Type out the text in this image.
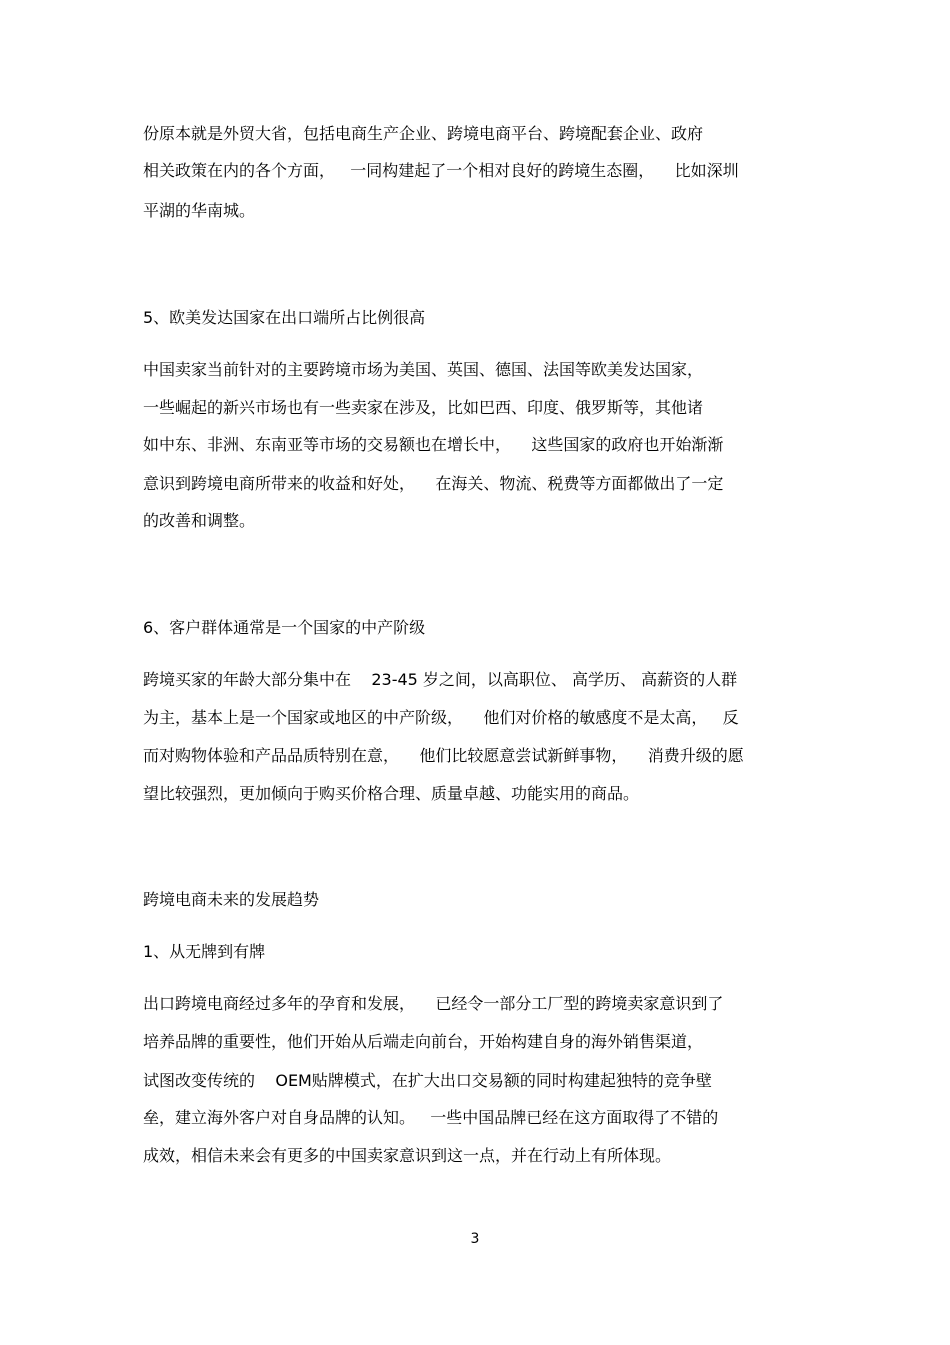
份原本就是外贸大省，包括电商生产企业、跨境电商平台、跨境配套企业、政府
相关政策在内的各个方面，   一同构建起了一个相对良好的跨境生态圈，    比如深圳
平湖的华南城。
5、欧美发达国家在出口端所占比例很高
中国卖家当前针对的主要跨境市场为美国、英国、德国、法国等欧美发达国家，
一些崛起的新兴市场也有一些卖家在涉及，比如巴西、印度、俄罗斯等，其他诸
如中东、非洲、东南亚等市场的交易额也在增长中，    这些国家的政府也开始渐渐
意识到跨境电商所带来的收益和好处，    在海关、物流、税费等方面都做出了一定
的改善和调整。
6、客户群体通常是一个国家的中产阶级
跨境买家的年龄大部分集中在    23-45 岁之间，以高职位、 高学历、 高薪资的人群
为主，基本上是一个国家或地区的中产阶级，    他们对价格的敏感度不是太高，   反
而对购物体验和产品品质特别在意，    他们比较愿意尝试新鲜事物，    消费升级的愿
望比较强烈，更加倾向于购买价格合理、质量卓越、功能实用的商品。
跨境电商未来的发展趋势
1、从无牌到有牌
出口跨境电商经过多年的孕育和发展，    已经令一部分工厂型的跨境卖家意识到了
培养品牌的重要性，他们开始从后端走向前台，开始构建自身的海外销售渠道，
试图改变传统的    OEM贴牌模式，在扩大出口交易额的同时构建起独特的竞争壁
垒，建立海外客户对自身品牌的认知。   一些中国品牌已经在这方面取得了不错的
成效，相信未来会有更多的中国卖家意识到这一点，并在行动上有所体现。
3
